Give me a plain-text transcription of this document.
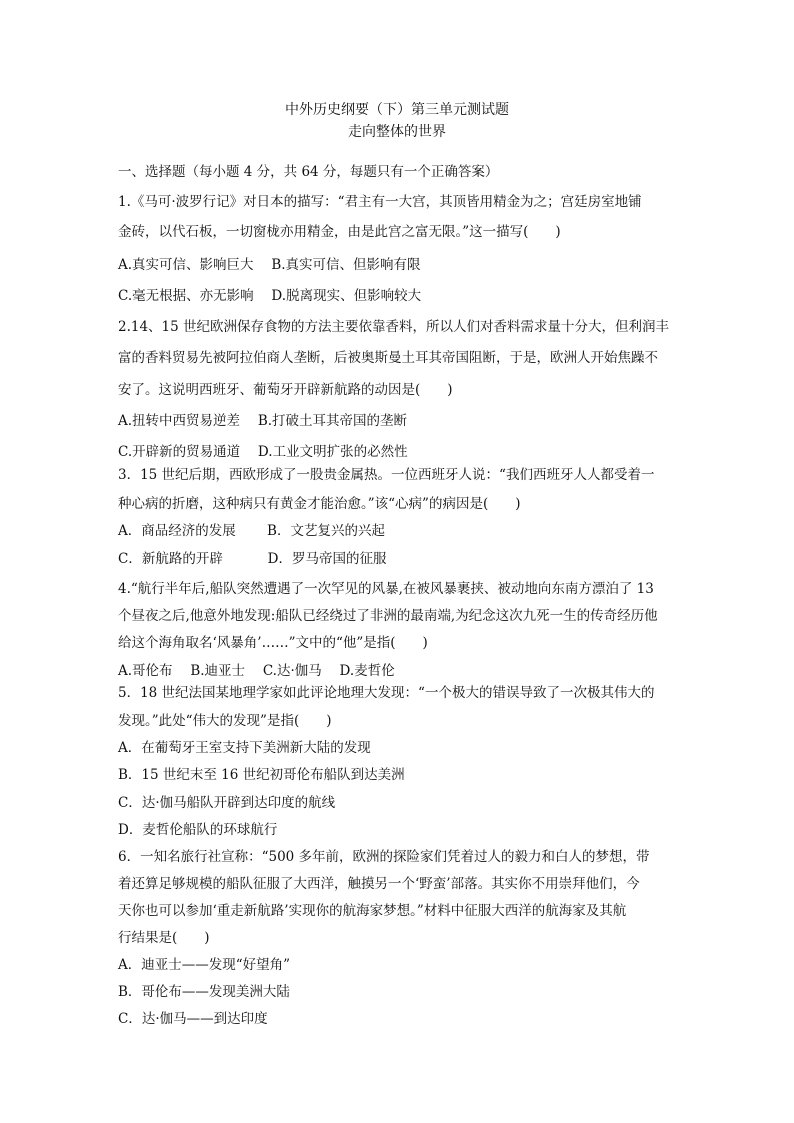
中外历史纲要（下）第三单元测试题
走向整体的世界
一、选择题（每小题 4 分，共 64 分，每题只有一个正确答案）
1.《马可·波罗行记》对日本的描写：“君主有一大宫，其顶皆用精金为之；宫廷房室地铺
金砖，以代石板，一切窗栊亦用精金，由是此宫之富无限。”这一描写(　　)
A.真实可信、影响巨大　 B.真实可信、但影响有限
C.毫无根据、亦无影响　 D.脱离现实、但影响较大
2.14、15 世纪欧洲保存食物的方法主要依靠香料，所以人们对香料需求量十分大，但利润丰
富的香料贸易先被阿拉伯商人垄断，后被奥斯曼土耳其帝国阻断，于是，欧洲人开始焦躁不
安了。这说明西班牙、葡萄牙开辟新航路的动因是(　　)
A.扭转中西贸易逆差　 B.打破土耳其帝国的垄断
C.开辟新的贸易通道　 D.工业文明扩张的必然性
3．15 世纪后期，西欧形成了一股贵金属热。一位西班牙人说：“我们西班牙人人都受着一
种心病的折磨，这种病只有黄金才能治愈。”该“心病”的病因是(　　)
A．商品经济的发展　　 B．文艺复兴的兴起
C．新航路的开辟　　　 D．罗马帝国的征服
4.“航行半年后,船队突然遭遇了一次罕见的风暴,在被风暴裹挟、被动地向东南方漂泊了 13
个昼夜之后,他意外地发现:船队已经绕过了非洲的最南端,为纪念这次九死一生的传奇经历他
给这个海角取名‘风暴角’……”文中的“他”是指(　　)
A.哥伦布　 B.迪亚士　 C.达·伽马　 D.麦哲伦
5．18 世纪法国某地理学家如此评论地理大发现：“一个极大的错误导致了一次极其伟大的
发现。”此处“伟大的发现”是指(　　)
A．在葡萄牙王室支持下美洲新大陆的发现
B．15 世纪末至 16 世纪初哥伦布船队到达美洲
C．达·伽马船队开辟到达印度的航线
D．麦哲伦船队的环球航行
6．一知名旅行社宣称：“500 多年前，欧洲的探险家们凭着过人的毅力和白人的梦想，带
着还算足够规模的船队征服了大西洋，触摸另一个‘野蛮’部落。其实你不用崇拜他们，今
天你也可以参加‘重走新航路’实现你的航海家梦想。”材料中征服大西洋的航海家及其航
行结果是(　　)
A．迪亚士——发现“好望角”
B．哥伦布——发现美洲大陆
C．达·伽马——到达印度
